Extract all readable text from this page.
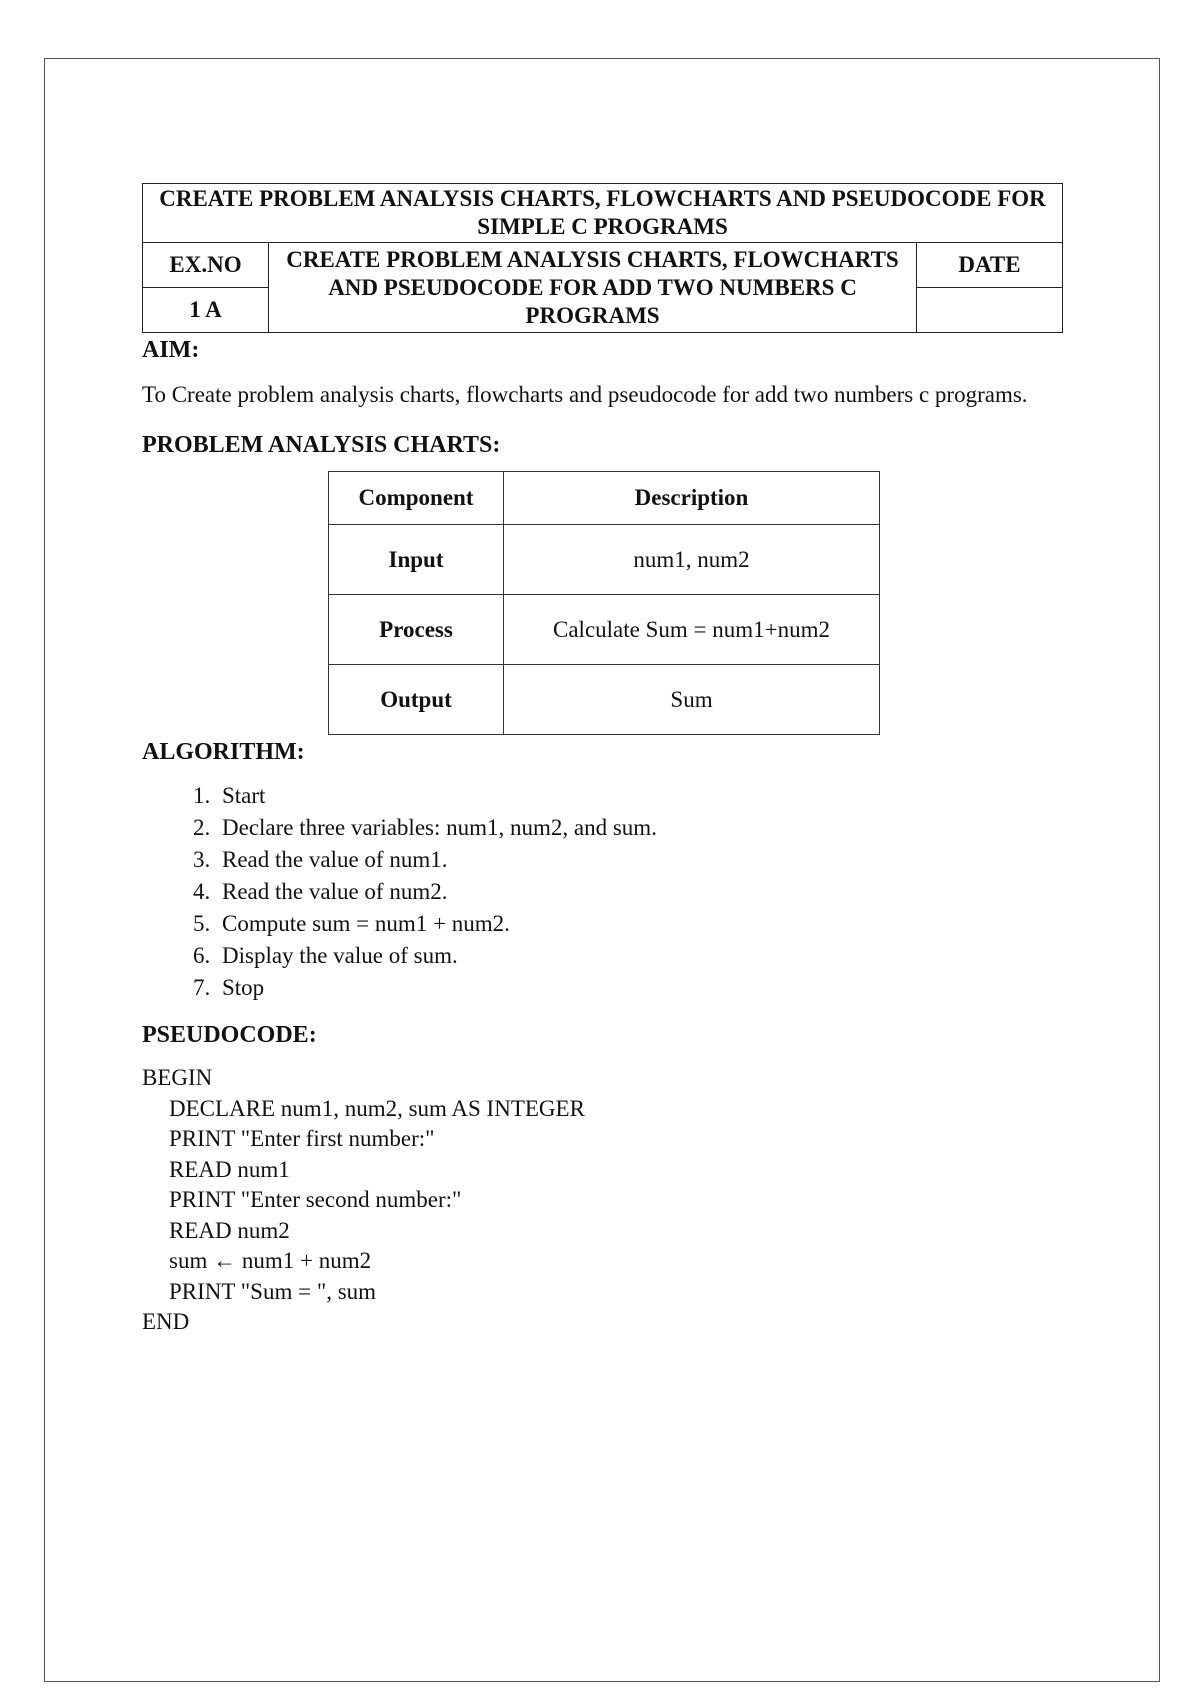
CREATE PROBLEM ANALYSIS CHARTS, FLOWCHARTS AND PSEUDOCODE FOR SIMPLE C PROGRAMS		
EX.NO	CREATE PROBLEM ANALYSIS CHARTS, FLOWCHARTS AND PSEUDOCODE FOR ADD TWO NUMBERS C PROGRAMS	DATE
1 A		

AIM:

To Create problem analysis charts, flowcharts and pseudocode for add two numbers c programs.

PROBLEM ANALYSIS CHARTS:

Component	Description
Input	num1, num2
Process	Calculate Sum = num1+num2
Output	Sum

ALGORITHM:

1. Start
2. Declare three variables: num1, num2, and sum.
3. Read the value of num1.
4. Read the value of num2.
5. Compute sum = num1 + num2.
6. Display the value of sum.
7. Stop

PSEUDOCODE:

BEGIN
DECLARE num1, num2, sum AS INTEGER
PRINT "Enter first number:"
READ num1
PRINT "Enter second number:"
READ num2
sum ← num1 + num2
PRINT "Sum = ", sum
END
